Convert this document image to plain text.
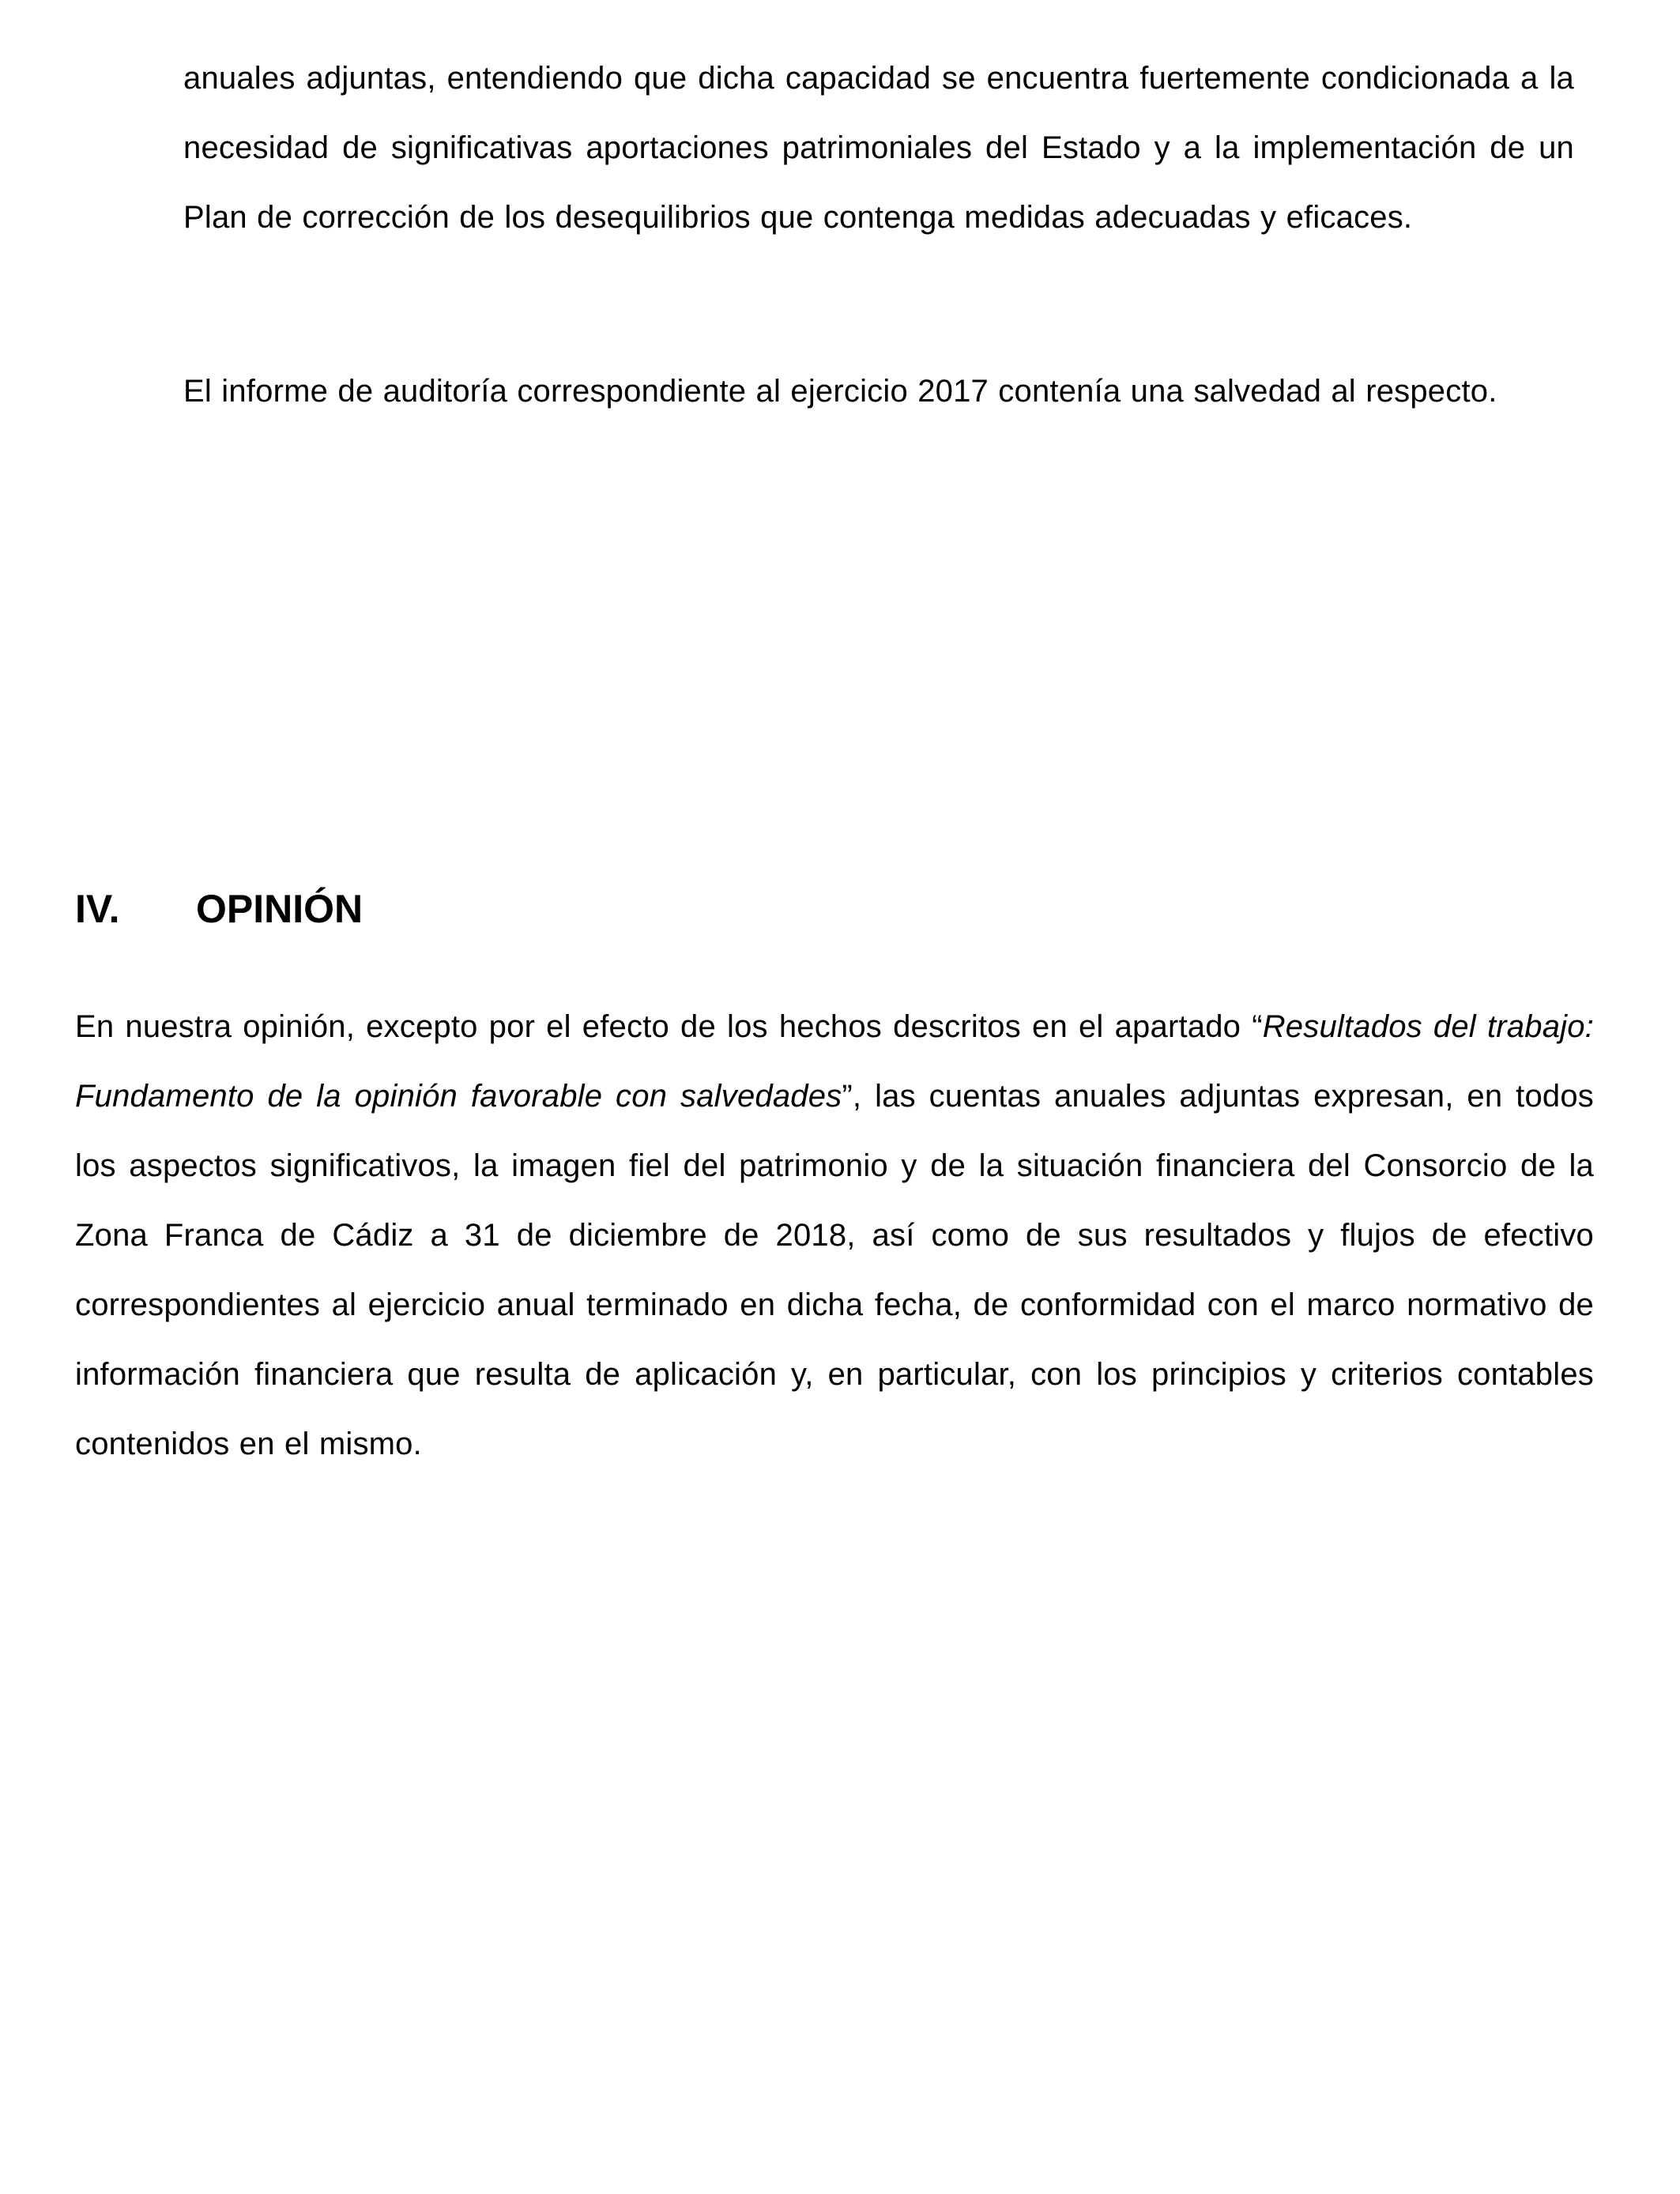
anuales adjuntas, entendiendo que dicha capacidad se encuentra fuertemente condicionada a la necesidad de significativas aportaciones patrimoniales del Estado y a la implementación de un Plan de corrección de los desequilibrios que contenga medidas adecuadas y eficaces.

El informe de auditoría correspondiente al ejercicio 2017 contenía una salvedad al respecto.

IV. OPINIÓN

En nuestra opinión, excepto por el efecto de los hechos descritos en el apartado “Resultados del trabajo: Fundamento de la opinión favorable con salvedades”, las cuentas anuales adjuntas expresan, en todos los aspectos significativos, la imagen fiel del patrimonio y de la situación financiera del Consorcio de la Zona Franca de Cádiz a 31 de diciembre de 2018, así como de sus resultados y flujos de efectivo correspondientes al ejercicio anual terminado en dicha fecha, de conformidad con el marco normativo de información financiera que resulta de aplicación y, en particular, con los principios y criterios contables contenidos en el mismo.
